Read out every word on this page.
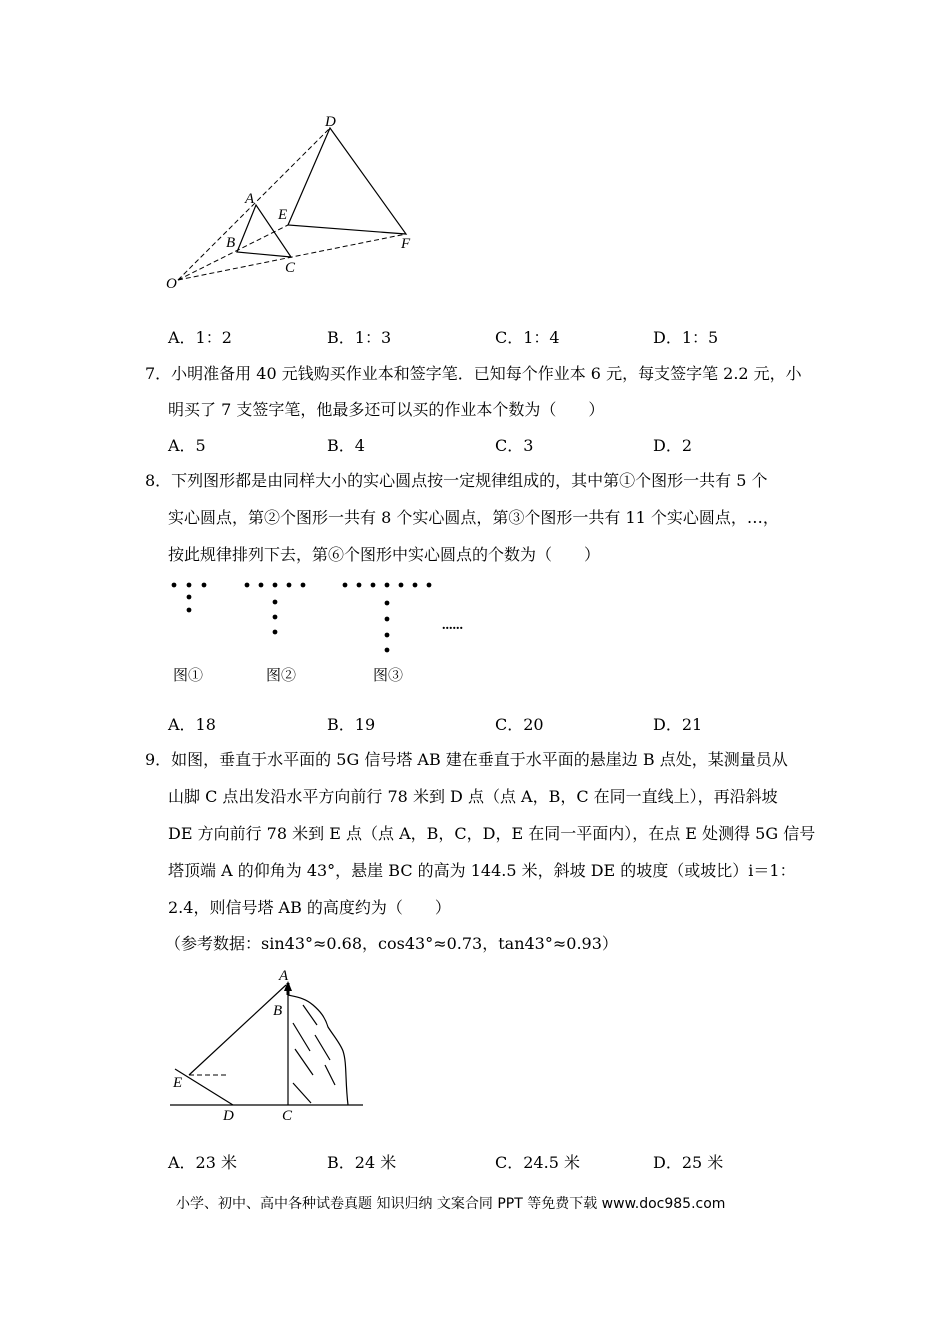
D
A
E
B
C
F
O
A．1：2	B．1：3	C．1：4	D．1：5
7．小明准备用 40 元钱购买作业本和签字笔．已知每个作业本 6 元，每支签字笔 2.2 元，小
明买了 7 支签字笔，他最多还可以买的作业本个数为（　　）
A．5	B．4	C．3	D．2
8．下列图形都是由同样大小的实心圆点按一定规律组成的，其中第①个图形一共有 5 个
实心圆点，第②个图形一共有 8 个实心圆点，第③个图形一共有 11 个实心圆点，…，
按此规律排列下去，第⑥个图形中实心圆点的个数为（　　）
......
图①	图②	图③
A．18	B．19	C．20	D．21
9．如图，垂直于水平面的 5G 信号塔 AB 建在垂直于水平面的悬崖边 B 点处，某测量员从
山脚 C 点出发沿水平方向前行 78 米到 D 点（点 A，B，C 在同一直线上），再沿斜坡
DE 方向前行 78 米到 E 点（点 A，B，C，D，E 在同一平面内），在点 E 处测得 5G 信号
塔顶端 A 的仰角为 43°，悬崖 BC 的高为 144.5 米，斜坡 DE 的坡度（或坡比）i＝1：
2.4，则信号塔 AB 的高度约为（　　）
（参考数据：sin43°≈0.68，cos43°≈0.73，tan43°≈0.93）
A
B
E
D	C
A．23 米	B．24 米	C．24.5 米	D．25 米
小学、初中、高中各种试卷真题 知识归纳 文案合同 PPT 等免费下载 www.doc985.com
